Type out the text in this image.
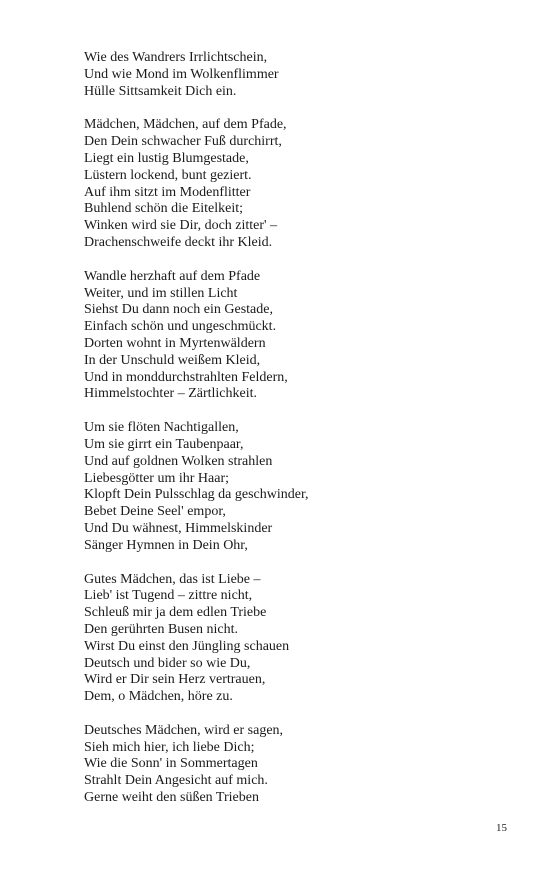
Wie des Wandrers Irrlichtschein,
Und wie Mond im Wolkenflimmer
Hülle Sittsamkeit Dich ein.
Mädchen, Mädchen, auf dem Pfade,
Den Dein schwacher Fuß durchirrt,
Liegt ein lustig Blumgestade,
Lüstern lockend, bunt geziert.
Auf ihm sitzt im Modenflitter
Buhlend schön die Eitelkeit;
Winken wird sie Dir, doch zitter' –
Drachenschweife deckt ihr Kleid.
Wandle herzhaft auf dem Pfade
Weiter, und im stillen Licht
Siehst Du dann noch ein Gestade,
Einfach schön und ungeschmückt.
Dorten wohnt in Myrtenwäldern
In der Unschuld weißem Kleid,
Und in monddurchstrahlten Feldern,
Himmelstochter – Zärtlichkeit.
Um sie flöten Nachtigallen,
Um sie girrt ein Taubenpaar,
Und auf goldnen Wolken strahlen
Liebesgötter um ihr Haar;
Klopft Dein Pulsschlag da geschwinder,
Bebet Deine Seel' empor,
Und Du wähnest, Himmelskinder
Sänger Hymnen in Dein Ohr,
Gutes Mädchen, das ist Liebe –
Lieb' ist Tugend – zittre nicht,
Schleuß mir ja dem edlen Triebe
Den gerührten Busen nicht.
Wirst Du einst den Jüngling schauen
Deutsch und bider so wie Du,
Wird er Dir sein Herz vertrauen,
Dem, o Mädchen, höre zu.
Deutsches Mädchen, wird er sagen,
Sieh mich hier, ich liebe Dich;
Wie die Sonn' in Sommertagen
Strahlt Dein Angesicht auf mich.
Gerne weiht den süßen Trieben
15
